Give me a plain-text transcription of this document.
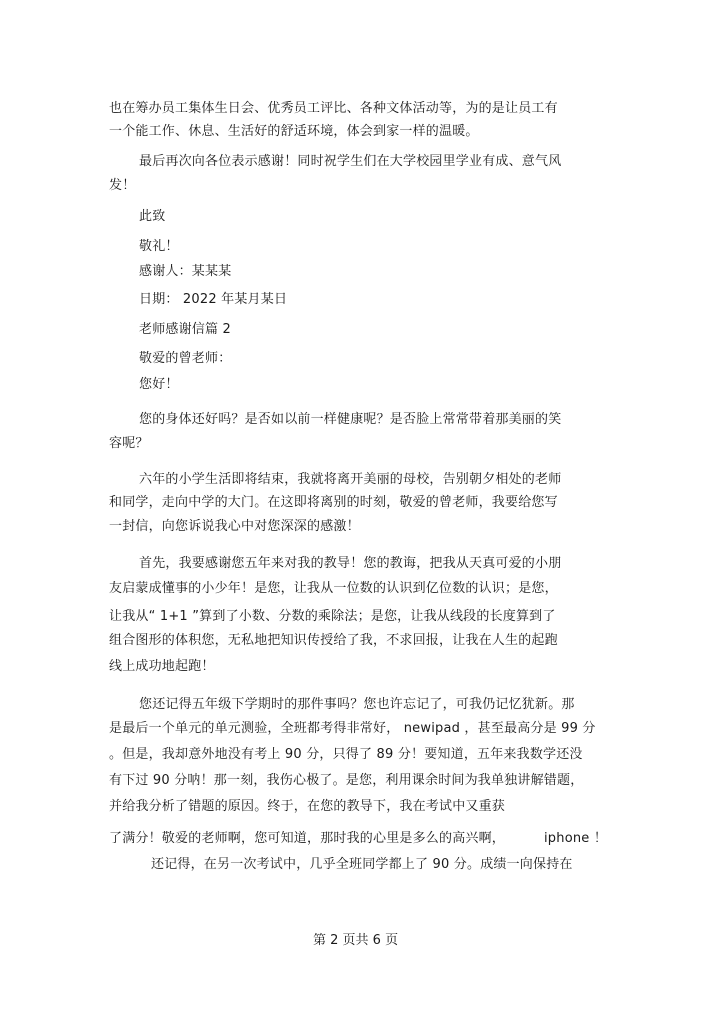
也在筹办员工集体生日会、优秀员工评比、各种文体活动等，为的是让员工有
一个能工作、休息、生活好的舒适环境，体会到家一样的温暖。
最后再次向各位表示感谢！同时祝学生们在大学校园里学业有成、意气风
发！
此致
敬礼！
感谢人：某某某
日期： 2022 年某月某日
老师感谢信篇 2
敬爱的曾老师：
您好！
您的身体还好吗？是否如以前一样健康呢？是否脸上常常带着那美丽的笑
容呢？
六年的小学生活即将结束，我就将离开美丽的母校，告别朝夕相处的老师
和同学，走向中学的大门。在这即将离别的时刻，敬爱的曾老师，我要给您写
一封信，向您诉说我心中对您深深的感激！
首先，我要感谢您五年来对我的教导！您的教诲，把我从天真可爱的小朋
友启蒙成懂事的小少年！是您，让我从一位数的认识到亿位数的认识；是您，
让我从“ 1+1 ”算到了小数、分数的乘除法；是您，让我从线段的长度算到了
组合图形的体积您，无私地把知识传授给了我，不求回报，让我在人生的起跑
线上成功地起跑！
您还记得五年级下学期时的那件事吗？您也许忘记了，可我仍记忆犹新。那
是最后一个单元的单元测验，全班都考得非常好， newipad ，甚至最高分是 99 分
。但是，我却意外地没有考上 90 分，只得了 89 分！要知道，五年来我数学还没
有下过 90 分呐！那一刻，我伤心极了。是您，利用课余时间为我单独讲解错题，
并给我分析了错题的原因。终于，在您的教导下，我在考试中又重获
了满分！敬爱的老师啊，您可知道，那时我的心里是多么的高兴啊，	iphone ！
还记得，在另一次考试中，几乎全班同学都上了 90 分。成绩一向保持在
第 2 页共 6 页
